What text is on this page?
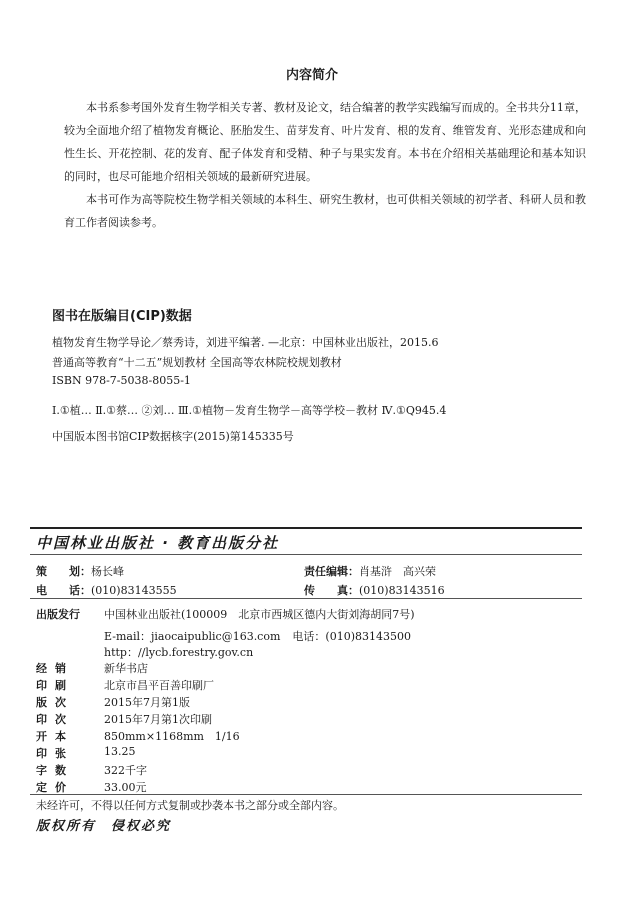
内容简介

本书系参考国外发育生物学相关专著、教材及论文，结合编著的教学实践编写而成的。全书共分11章，较为全面地介绍了植物发育概论、胚胎发生、苗芽发育、叶片发育、根的发育、维管发育、光形态建成和向性生长、开花控制、花的发育、配子体发育和受精、种子与果实发育。本书在介绍相关基础理论和基本知识的同时，也尽可能地介绍相关领域的最新研究进展。

本书可作为高等院校生物学相关领域的本科生、研究生教材，也可供相关领域的初学者、科研人员和教育工作者阅读参考。

图书在版编目(CIP)数据
植物发育生物学导论／蔡秀诗，刘进平编著. —北京：中国林业出版社，2015.6
普通高等教育“十二五”规划教材 全国高等农林院校规划教材
ISBN 978-7-5038-8055-1
Ⅰ.①植… Ⅱ.①蔡… ②刘… Ⅲ.①植物－发育生物学－高等学校－教材 Ⅳ.①Q945.4
中国版本图书馆CIP数据核字(2015)第145335号
中国林业出版社 · 教育出版分社
策　　划：杨长峰	责任编辑：肖基浒　高兴荣
电　　话：(010)83143555	传　　真：(010)83143516
出版发行 中国林业出版社(100009　北京市西城区德内大街刘海胡同7号)
E-mail：jiaocaipublic@163.com 电话：(010)83143500
http：//lycb.forestry.gov.cn
经销	新华书店
印刷	北京市昌平百善印刷厂
版次	2015年7月第1版
印次	2015年7月第1次印刷
开本	850mm×1168mm　1/16
印张	13.25
字数	322千字
定价	33.00元
未经许可，不得以任何方式复制或抄袭本书之部分或全部内容。
版权所有　侵权必究
